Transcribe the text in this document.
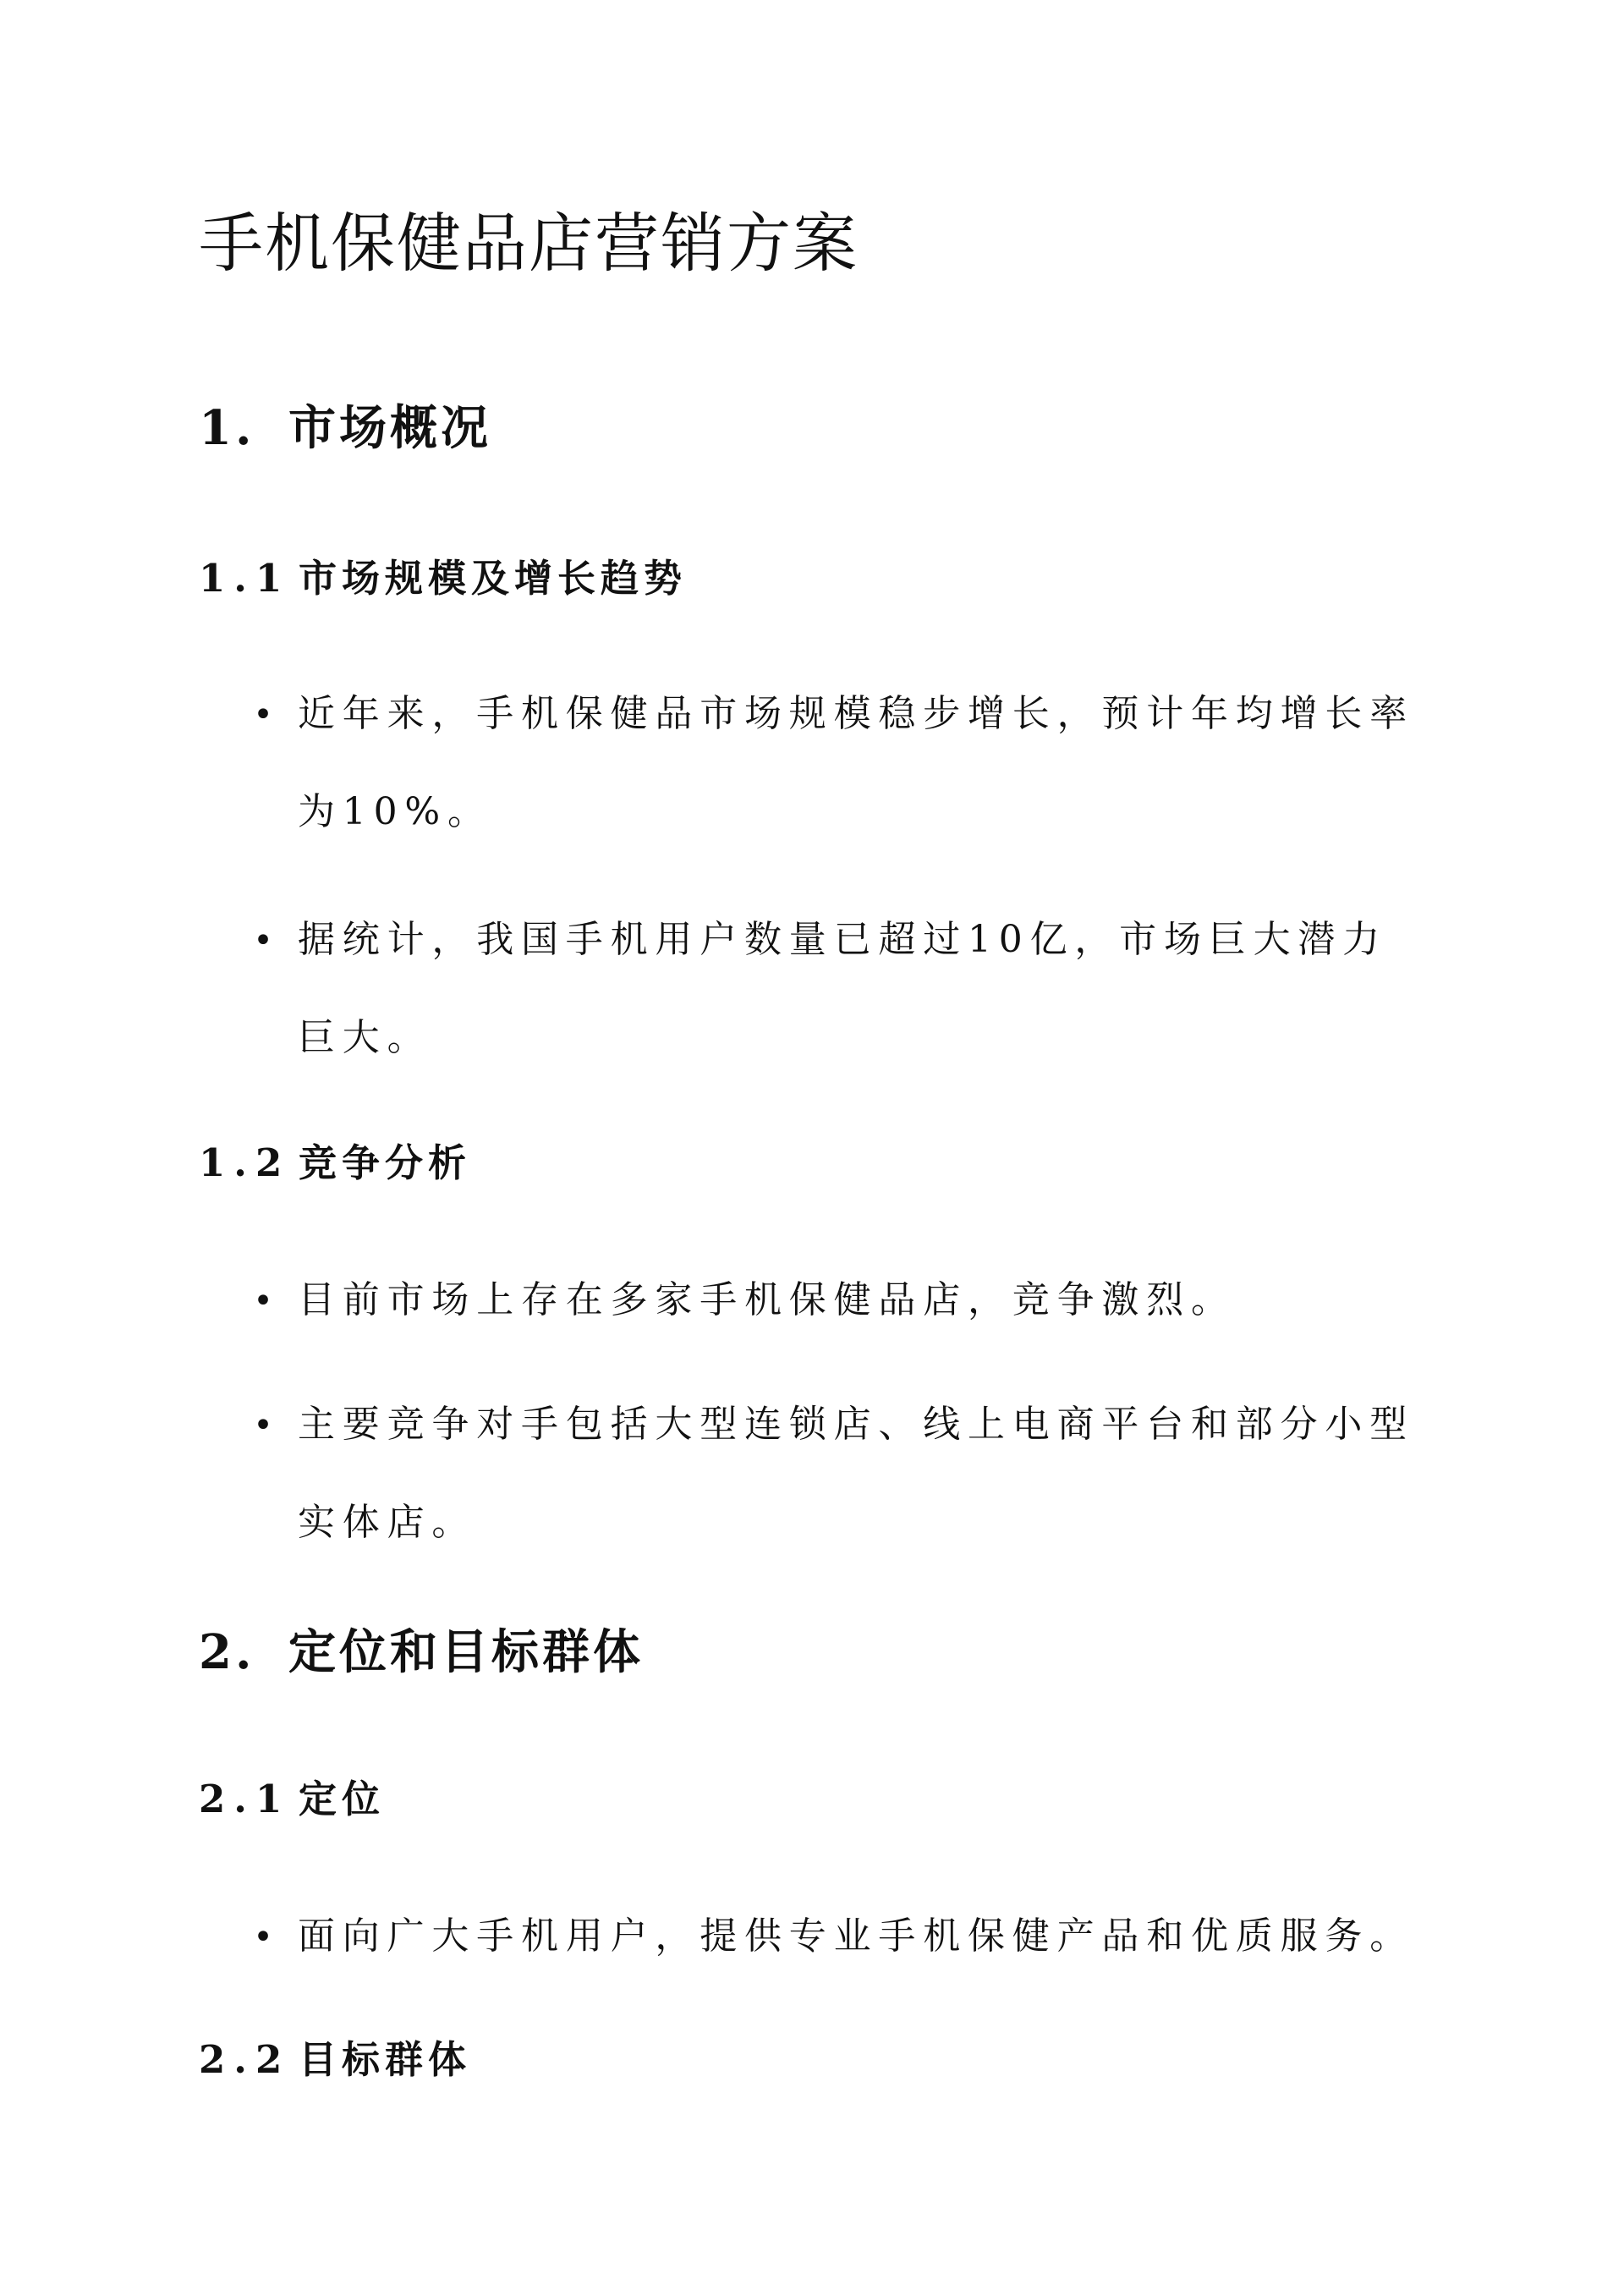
手机保健品店营销方案
1. 市场概况
1.1 市场规模及增长趋势
• 近年来，手机保健品市场规模稳步增长，预计年均增长率为10%。

• 据统计，我国手机用户数量已超过10亿，市场巨大潜力巨大。

1.2 竞争分析
• 目前市场上存在多家手机保健品店，竞争激烈。

• 主要竞争对手包括大型连锁店、线上电商平台和部分小型实体店。

2. 定位和目标群体
2.1 定位
• 面向广大手机用户，提供专业手机保健产品和优质服务。

2.2 目标群体
